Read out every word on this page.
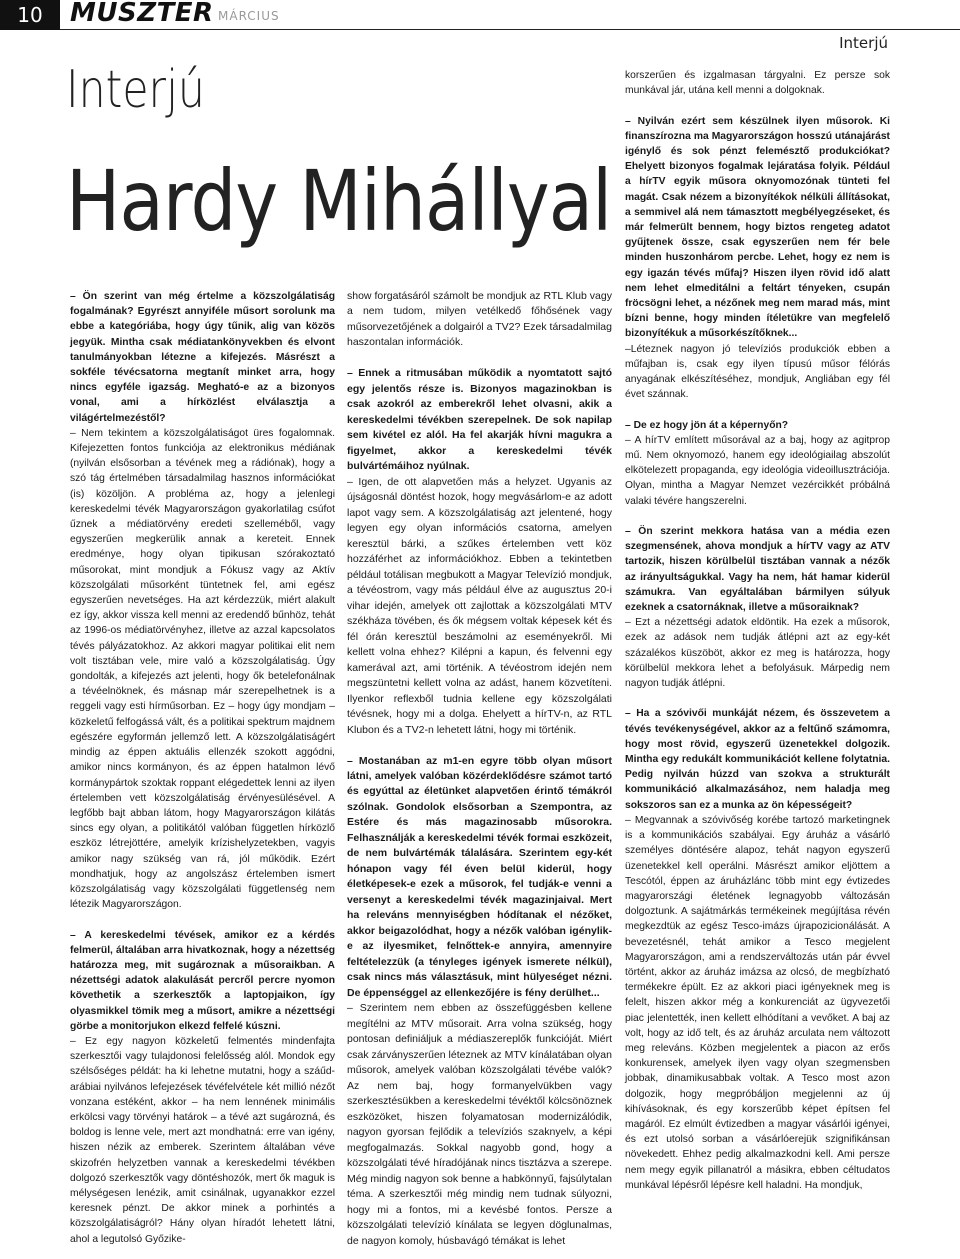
10	MUSZTER MÁRCIUS
Interjú
Interjú
Hardy Mihállyal

– Ön szerint van még értelme a közszolgálatiság fogalmának? Egyrészt annyiféle műsort sorolunk ma ebbe a kategóriába, hogy úgy tűnik, alig van közös jegyük. Mintha csak médiatankönyvekben és elvont tanulmányokban létezne a kifejezés. Másrészt a sokféle tévécsatorna megtanít minket arra, hogy nincs egyféle igazság. Megható-e az a bizonyos vonal, ami a hírközlést elválasztja a világértelmezéstől?

– Nem tekintem a közszolgálatiságot üres fogalomnak. Kifejezetten fontos funkciója az elektronikus médiának (nyilván elsősorban a tévének meg a rádiónak), hogy a szó tág értelmében társadalmilag hasznos információkat (is) közöljön. A probléma az, hogy a jelenlegi kereskedelmi tévék Magyarországon gyakorlatilag csúfot űznek a médiatörvény eredeti szelleméből, vagy egyszerűen megkerülik annak a kereteit. Ennek eredménye, hogy olyan tipikusan szórakoztató műsorokat, mint mondjuk a Fókusz vagy az Aktív közszolgálati műsorként tüntetnek fel, ami egész egyszerűen nevetséges. Ha azt kérdezzük, miért alakult ez így, akkor vissza kell menni az eredendő bűnhöz, tehát az 1996-os médiatörvényhez, illetve az azzal kapcsolatos tévés pályázatokhoz. Az akkori magyar politikai elit nem volt tisztában vele, mire való a közszolgálatiság. Úgy gondolták, a kifejezés azt jelenti, hogy ők betelefonálnak a tévéelnöknek, és másnap már szerepelhetnek is a reggeli vagy esti hírműsorban. Ez – hogy úgy mondjam – közkeletű felfogássá vált, és a politikai spektrum majdnem egészére egyformán jellemző lett. A közszolgálatiságért mindig az éppen aktuális ellenzék szokott aggódni, amikor nincs kormányon, és az éppen hatalmon lévő kormánypártok szoktak roppant elégedettek lenni az ilyen értelemben vett közszolgálatiság érvényesülésével. A legfőbb bajt abban látom, hogy Magyarországon kilátás sincs egy olyan, a politikától valóban független hírközlő eszköz létrejöttére, amelyik krízishelyzetekben, vagyis amikor nagy szükség van rá, jól működik. Ezért mondhatjuk, hogy az angolszász értelemben ismert közszolgálatiság vagy közszolgálati függetlenség nem létezik Magyarországon.

– A kereskedelmi tévések, amikor ez a kérdés felmerül, általában arra hivatkoznak, hogy a nézettség határozza meg, mit sugároznak a műsoraikban. A nézettségi adatok alakulását percről percre nyomon követhetik a szerkesztők a laptopjaikon, így olyasmikkel tömik meg a műsort, amikre a nézettségi görbe a monitorjukon elkezd felfelé kúszni.

– Ez egy nagyon közkeletű felmentés mindenfajta szerkesztői vagy tulajdonosi felelősség alól. Mondok egy szélsőséges példát: ha ki lehetne mutatni, hogy a száűd-arábiai nyilvános lefejezések tévéfelvétele két millió nézőt vonzana estéként, akkor – ha nem lennének minimális erkölcsi vagy törvényi határok – a tévé azt sugározná, és boldog is lenne vele, mert azt mondhatná: erre van igény, hiszen nézik az emberek. Szerintem általában véve skizofrén helyzetben vannak a kereskedelmi tévékben dolgozó szerkesztők vagy döntéshozók, mert ők maguk is mélységesen lenézik, amit csinálnak, ugyanakkor ezzel keresnek pénzt. De akkor minek a porhintés a közszolgálatiságról? Hány olyan híradót lehetett látni, ahol a legutolsó Győzike-

show forgatásáról számolt be mondjuk az RTL Klub vagy a nem tudom, milyen vetélkedő főhősének vagy műsorvezetőjének a dolgairól a TV2? Ezek társadalmilag haszontalan információk.

– Ennek a ritmusában működik a nyomtatott sajtó egy jelentős része is. Bizonyos magazinokban is csak azokról az emberekről lehet olvasni, akik a kereskedelmi tévékben szerepelnek. De sok napilap sem kivétel ez alól. Ha fel akarják hívni magukra a figyelmet, akkor a kereskedelmi tévék bulvártémáihoz nyúlnak.

– Igen, de ott alapvetően más a helyzet. Ugyanis az újságosnál döntést hozok, hogy megvásárlom-e az adott lapot vagy sem. A közszolgálatiság azt jelentené, hogy legyen egy olyan információs csatorna, amelyen keresztül bárki, a szűkes értelemben vett köz hozzáférhet az információkhoz. Ebben a tekintetben például totálisan megbukott a Magyar Televízió mondjuk, a tévéostrom, vagy más például élve az augusztus 20-i vihar idején, amelyek ott zajlottak a közszolgálati MTV székháza tövében, és ők mégsem voltak képesek két és fél órán keresztül beszámolni az eseményekről. Mi kellett volna ehhez? Kilépni a kapun, és felvenni egy kamerával azt, ami történik. A tévéostrom idején nem megszüntetni kellett volna az adást, hanem közvetíteni. Ilyenkor reflexből tudnia kellene egy közszolgálati tévésnek, hogy mi a dolga. Ehelyett a hírTV-n, az RTL Klubon és a TV2-n lehetett látni, hogy mi történik.

– Mostanában az m1-en egyre több olyan műsort látni, amelyek valóban közérdeklődésre számot tartó és egyúttal az életünket alapvetően érintő témákról szólnak. Gondolok elsősorban a Szempontra, az Estére és más magazinosabb műsorokra. Felhasználják a kereskedelmi tévék formai eszközeit, de nem bulvártémák tálalására. Szerintem egy-két hónapon vagy fél éven belül kiderül, hogy életképesek-e ezek a műsorok, fel tudják-e venni a versenyt a kereskedelmi tévék magazinjaival. Mert ha releváns mennyiségben hódítanak el nézőket, akkor beigazolódhat, hogy a nézők valóban igénylik-e az ilyesmiket, felnőttek-e annyira, amennyire feltételezzük (a tényleges igények ismerete nélkül), csak nincs más választásuk, mint hülyeséget nézni. De éppenséggel az ellenkezőjére is fény derülhet...

– Szerintem nem ebben az összefüggésben kellene megítélni az MTV műsorait. Arra volna szükség, hogy pontosan definiáljuk a médiaszereplők funkcióját. Miért csak zárványszerűen léteznek az MTV kínálatában olyan műsorok, amelyek valóban közszolgálati tévébe valók? Az nem baj, hogy formanyelvükben vagy szerkesztésükben a kereskedelmi tévéktől kölcsönöznek eszközöket, hiszen folyamatosan modernizálódik, nagyon gyorsan fejlődik a televíziós szaknyelv, a képi megfogalmazás. Sokkal nagyobb gond, hogy a közszolgálati tévé híradójának nincs tisztázva a szerepe. Még mindig nagyon sok benne a habkönnyű, fajsúlytalan téma. A szerkesztői még mindig nem tudnak súlyozni, hogy mi a fontos, mi a kevésbé fontos. Persze a közszolgálati televízió kínálata se legyen döglunalmas, de nagyon komoly, húsbavágó témákat is lehet

korszerűen és izgalmasan tárgyalni. Ez persze sok munkával jár, utána kell menni a dolgoknak.

– Nyilván ezért sem készülnek ilyen műsorok. Ki finanszírozna ma Magyarországon hosszú utánajárást igénylő és sok pénzt felemésztő produkciókat? Ehelyett bizonyos fogalmak lejáratása folyik. Például a hírTV egyik műsora oknyomozónak tünteti fel magát. Csak nézem a bizonyítékok nélküli állításokat, a semmivel alá nem támasztott megbélyegzéseket, és már felmerült bennem, hogy biztos rengeteg adatot gyűjtenek össze, csak egyszerűen nem fér bele minden huszonhárom percbe. Lehet, hogy ez nem is egy igazán tévés műfaj? Hiszen ilyen rövid idő alatt nem lehet elmeditálni a feltárt tényeken, csupán fröcsögni lehet, a nézőnek meg nem marad más, mint bízni benne, hogy minden ítéletükre van megfelelő bizonyítékuk a műsorkészítőknek...

–Léteznek nagyon jó televíziós produkciók ebben a műfajban is, csak egy ilyen típusú műsor félórás anyagának elkészítéséhez, mondjuk, Angliában egy fél évet szánnak.

– De ez hogy jön át a képernyőn?

– A hírTV említett műsorával az a baj, hogy az agitprop mű. Nem oknyomozó, hanem egy ideológiailag abszolút elkötelezett propaganda, egy ideológia videoillusztrációja. Olyan, mintha a Magyar Nemzet vezércikkét próbálná valaki tévére hangszerelni.

– Ön szerint mekkora hatása van a média ezen szegmensének, ahova mondjuk a hírTV vagy az ATV tartozik, hiszen körülbelül tisztában vannak a nézők az irányultságukkal. Vagy ha nem, hát hamar kiderül számukra. Van egyáltalában bármilyen súlyuk ezeknek a csatornáknak, illetve a műsoraiknak?

– Ezt a nézettségi adatok eldöntik. Ha ezek a műsorok, ezek az adások nem tudják átlépni azt az egy-két százalékos küszöböt, akkor ez meg is határozza, hogy körülbelül mekkora lehet a befolyásuk. Márpedig nem nagyon tudják átlépni.

– Ha a szóvivői munkáját nézem, és összevetem a tévés tevékenységével, akkor az a feltűnő számomra, hogy most rövid, egyszerű üzenetekkel dolgozik. Mintha egy redukált kommunikációt kellene folytatnia. Pedig nyilván húzzd van szokva a strukturált kommunikáció alkalmazásához, nem haladja meg sokszoros san ez a munka az ön képességeit?

– Megvannak a szóvivőség korébe tartozó marketingnek is a kommunikációs szabályai. Egy áruház a vásárló személyes döntésére alapoz, tehát nagyon egyszerű üzenetekkel kell operálni. Másrészt amikor eljöttem a Tescótól, éppen az áruházlánc több mint egy évtizedes magyarországi életének legnagyobb változásán dolgoztunk. A sajátmárkás termékeinek megújítása révén megkezdtük az egész Tesco-imázs újrapozicionálását. A bevezetésnél, tehát amikor a Tesco megjelent Magyarországon, ami a rendszerváltozás után pár évvel történt, akkor az áruház imázsa az olcsó, de megbízható termékekre épült. Ez az akkori piaci igényeknek meg is felelt, hiszen akkor még a konkurenciát az ügyvezetői piac jelentették, inen kellett elhódítani a vevőket. A baj az volt, hogy az idő telt, és az áruház arculata nem változott meg releváns. Közben megjelentek a piacon az erős konkurensek, amelyek ilyen vagy olyan szegmensben jobbak, dinamikusabbak voltak. A Tesco most azon dolgozik, hogy megpróbáljon megjelenni az új kihívásoknak, és egy korszerűbb képet építsen fel magáról. Ez elmúlt évtizedben a magyar vásárlói igényei, és ezt utolsó sorban a vásárlóerejük szignifikánsan növekedett. Ehhez pedig alkalmazkodni kell. Ami persze nem megy egyik pillanatról a másikra, ebben céltudatos munkával lépésről lépésre kell haladni. Ha mondjuk,
